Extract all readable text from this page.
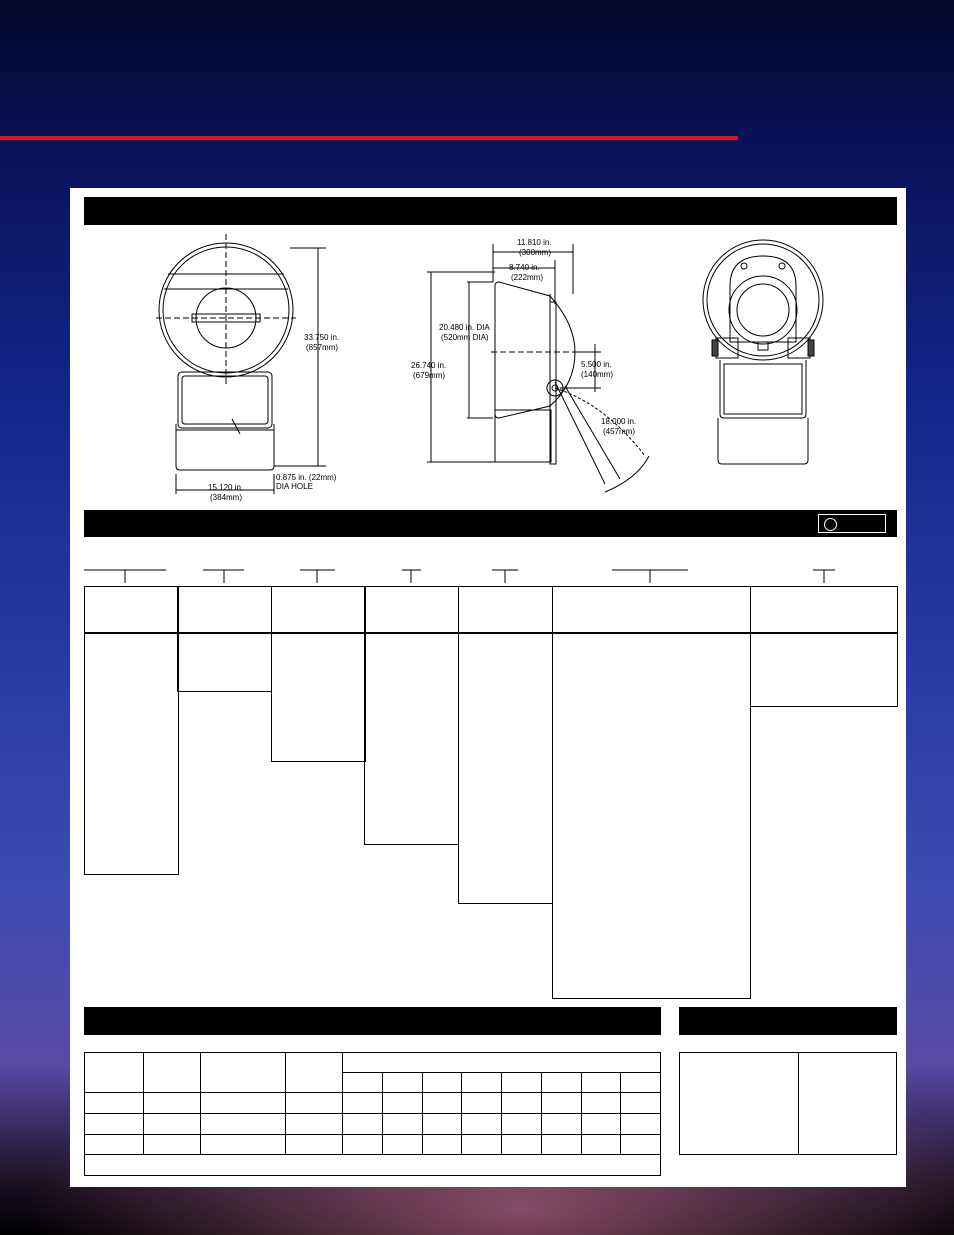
33.750 in.
(857mm)
15.120 in.
(384mm)
0.875 in. (22mm)
DIA HOLE
11.810 in.
(300mm)
8.740 in.
(222mm)
20.480 in. DIA
(520mm DIA)
26.740 in.
(679mm)
5.500 in.
(140mm)
18.000 in.
(457mm)
